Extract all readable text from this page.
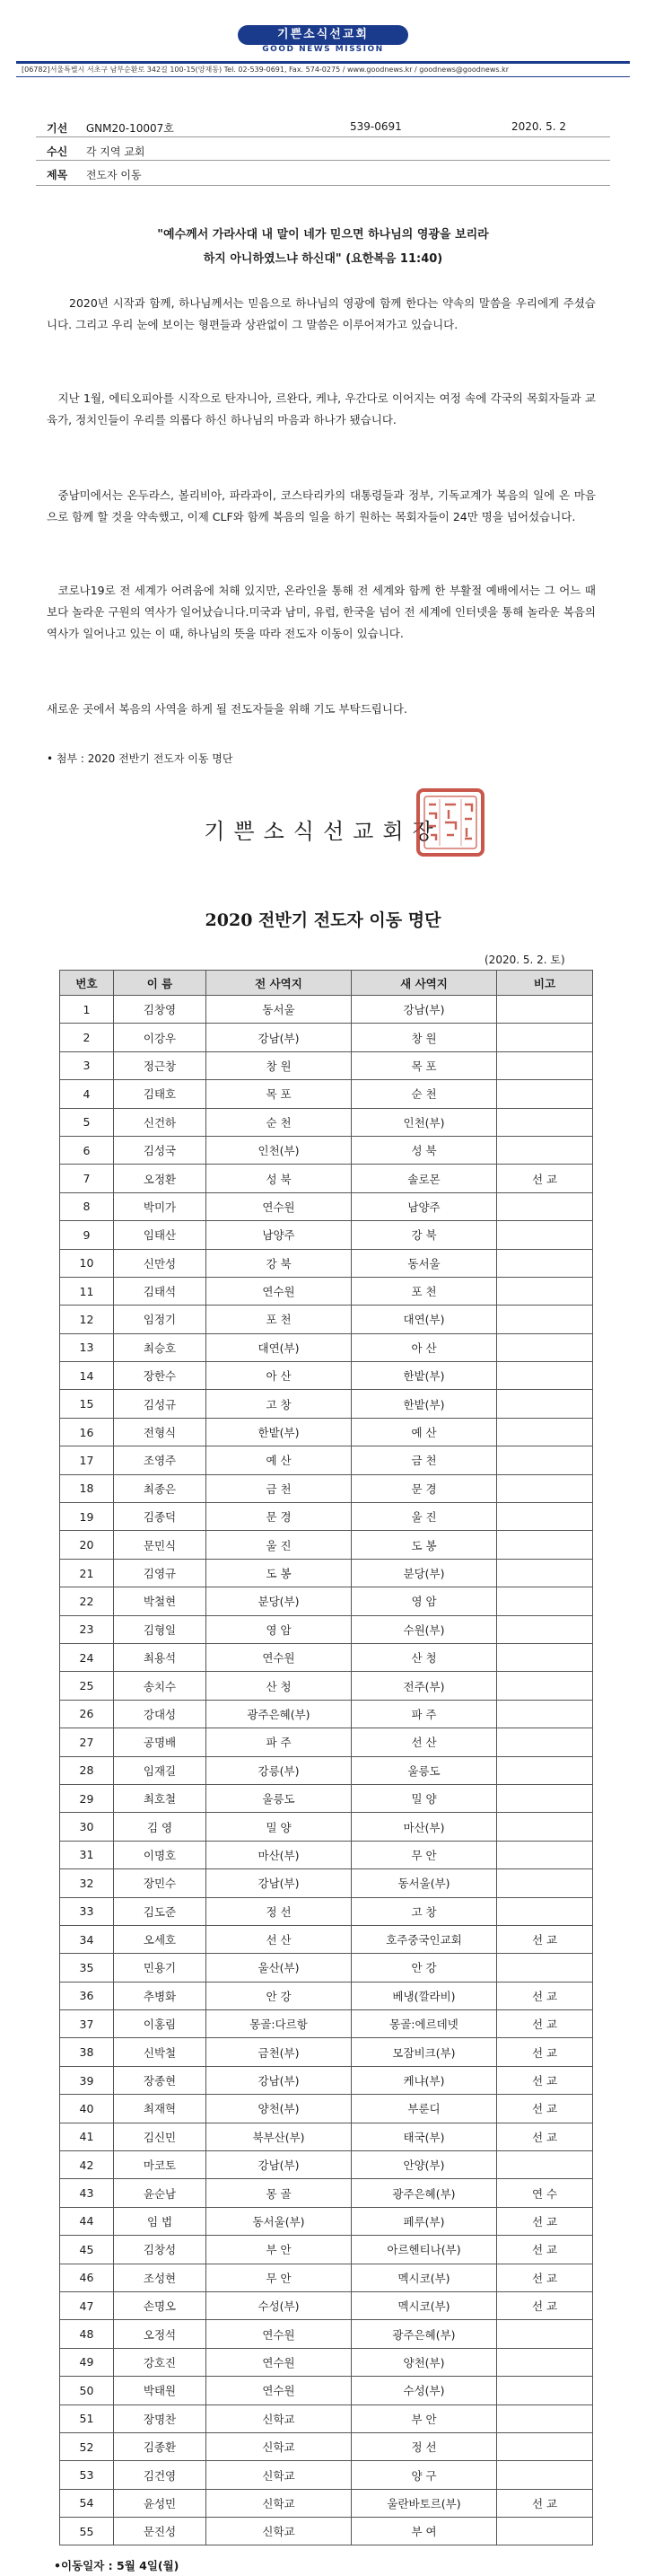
기쁜소식선교회
GOOD NEWS MISSION
[06782]서울특별시 서초구 남부순환로 342길 100-15(양재동) Tel. 02-539-0691, Fax. 574-0275 / www.goodnews.kr / goodnews@goodnews.kr
기선 GNM20-10007호	539-0691	2020. 5. 2
수신 각 지역 교회
제목 전도자 이동
"예수께서 가라사대 내 말이 네가 믿으면 하나님의 영광을 보리라
하지 아니하였느냐 하신대" (요한복음 11:40)

2020년 시작과 함께, 하나님께서는 믿음으로 하나님의 영광에 함께 한다는 약속의 말씀을 우리에게 주셨습니다. 그리고 우리 눈에 보이는 형편들과 상관없이 그 말씀은 이루어져가고 있습니다.

지난 1월, 에티오피아를 시작으로 탄자니아, 르완다, 케냐, 우간다로 이어지는 여정 속에 각국의 목회자들과 교육가, 정치인들이 우리를 의롭다 하신 하나님의 마음과 하나가 됐습니다.

중남미에서는 온두라스, 볼리비아, 파라과이, 코스타리카의 대통령들과 정부, 기독교계가 복음의 일에 온 마음으로 함께 할 것을 약속했고, 이제 CLF와 함께 복음의 일을 하기 원하는 목회자들이 24만 명을 넘어섰습니다.

코로나19로 전 세계가 어려움에 처해 있지만, 온라인을 통해 전 세계와 함께 한 부활절 예배에서는 그 어느 때 보다 놀라운 구원의 역사가 일어났습니다.미국과 남미, 유럽, 한국을 넘어 전 세계에 인터넷을 통해 놀라운 복음의 역사가 일어나고 있는 이 때, 하나님의 뜻을 따라 전도자 이동이 있습니다.

새로운 곳에서 복음의 사역을 하게 될 전도자들을 위해 기도 부탁드립니다.

• 첨부 : 2020 전반기 전도자 이동 명단
기쁜소식선교회장
2020 전반기 전도자 이동 명단
(2020. 5. 2. 토)
번호	이 름	전 사역지	새 사역지	비고
1	김창영	동서울	강남(부)	
2	이강우	강남(부)	창 원	
3	정근창	창 원	목 포	
4	김태호	목 포	순 천	
5	신건하	순 천	인천(부)	
6	김성국	인천(부)	성 북	
7	오정환	성 북	솔로몬	선 교
8	박미가	연수원	남양주	
9	임태산	남양주	강 북	
10	신만성	강 북	동서울	
11	김태석	연수원	포 천	
12	임정기	포 천	대연(부)	
13	최승호	대연(부)	아 산	
14	장한수	아 산	한밭(부)	
15	김성규	고 창	한밭(부)	
16	전형식	한밭(부)	예 산	
17	조영주	예 산	금 천	
18	최종은	금 천	문 경	
19	김종덕	문 경	울 진	
20	문민식	울 진	도 봉	
21	김영규	도 봉	분당(부)	
22	박철현	분당(부)	영 암	
23	김형일	영 암	수원(부)	
24	최용석	연수원	산 청	
25	송치수	산 청	전주(부)	
26	강대성	광주은혜(부)	파 주	
27	공명배	파 주	선 산	
28	임재길	강릉(부)	울릉도	
29	최호철	울릉도	밀 양	
30	김 영	밀 양	마산(부)	
31	이명호	마산(부)	무 안	
32	장민수	강남(부)	동서울(부)	
33	김도준	정 선	고 창	
34	오세호	선 산	호주중국인교회	선 교
35	민용기	울산(부)	안 강	
36	추병화	안 강	베냉(깔라비)	선 교
37	이홍림	몽골:다르항	몽골:에르데넷	선 교
38	신박철	금천(부)	모잠비크(부)	선 교
39	장종현	강남(부)	케냐(부)	선 교
40	최재혁	양천(부)	부룬디	선 교
41	김신민	북부산(부)	태국(부)	선 교
42	마코토	강남(부)	안양(부)	
43	윤순남	몽 골	광주은혜(부)	연 수
44	임 법	동서울(부)	페루(부)	선 교
45	김창성	부 안	아르헨티나(부)	선 교
46	조성현	무 안	멕시코(부)	선 교
47	손명오	수성(부)	멕시코(부)	선 교
48	오정석	연수원	광주은혜(부)	
49	강호진	연수원	양천(부)	
50	박태원	연수원	수성(부)	
51	장명찬	신학교	부 안	
52	김종환	신학교	정 선	
53	김건영	신학교	양 구	
54	윤성민	신학교	울란바토르(부)	선 교
55	문진성	신학교	부 여	
•이동일자 : 5월 4일(월)
